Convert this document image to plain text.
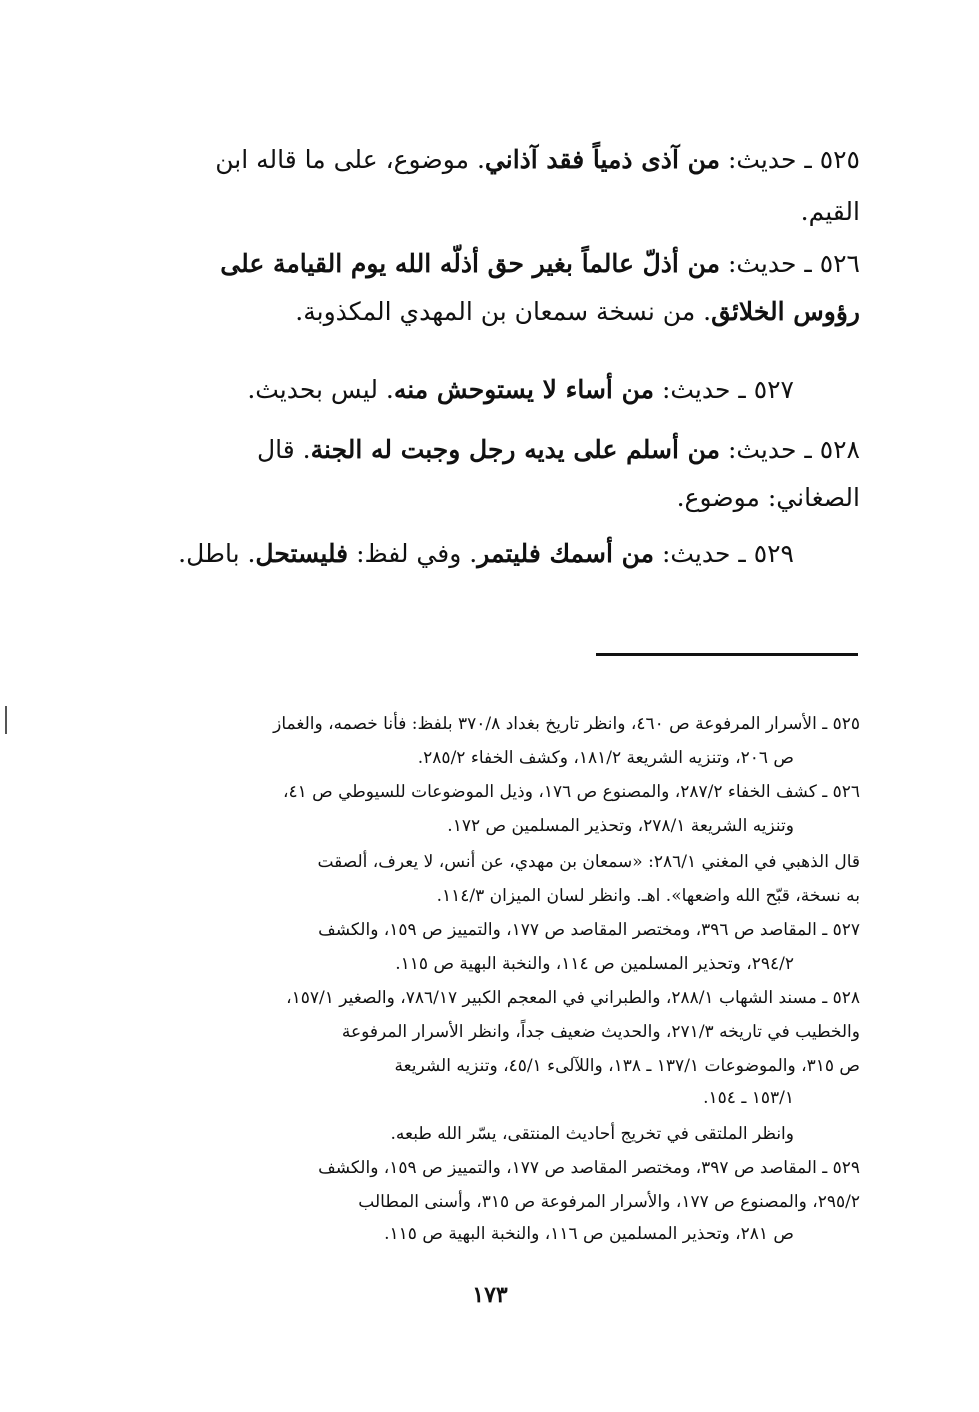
٥٢٥ ـ حديث: من آذى ذمياً فقد آذاني. موضوع، على ما قاله ابن
القيم.
٥٢٦ ـ حديث: من أذلّ عالماً بغير حق أذلّه الله يوم القيامة على
رؤوس الخلائق. من نسخة سمعان بن المهدي المكذوبة.
٥٢٧ ـ حديث: من أساء لا يستوحش منه. ليس بحديث.
٥٢٨ ـ حديث: من أسلم على يديه رجل وجبت له الجنة. قال
الصغاني: موضوع.
٥٢٩ ـ حديث: من أسمك فليتمر. وفي لفظ: فليستحل. باطل.
٥٢٥ ـ الأسرار المرفوعة ص ٤٦٠، وانظر تاريخ بغداد ٣٧٠/٨ بلفظ: فأنا خصمه، والغماز
ص ٢٠٦، وتنزيه الشريعة ١٨١/٢، وكشف الخفاء ٢٨٥/٢.
٥٢٦ ـ كشف الخفاء ٢٨٧/٢، والمصنوع ص ١٧٦، وذيل الموضوعات للسيوطي ص ٤١،
وتنزيه الشريعة ٢٧٨/١، وتحذير المسلمين ص ١٧٢.
قال الذهبي في المغني ٢٨٦/١: «سمعان بن مهدي، عن أنس، لا يعرف، ألصقت
به نسخة، قبّح الله واضعها». اهـ. وانظر لسان الميزان ١١٤/٣.
٥٢٧ ـ المقاصد ص ٣٩٦، ومختصر المقاصد ص ١٧٧، والتمييز ص ١٥٩، والكشف
٢٩٤/٢، وتحذير المسلمين ص ١١٤، والنخبة البهية ص ١١٥.
٥٢٨ ـ مسند الشهاب ٢٨٨/١، والطبراني في المعجم الكبير ٧٨٦/١٧، والصغير ١٥٧/١،
والخطيب في تاريخه ٢٧١/٣، والحديث ضعيف جداً، وانظر الأسرار المرفوعة
ص ٣١٥، والموضوعات ١٣٧/١ ـ ١٣٨، واللآلىء ٤٥/١، وتنزيه الشريعة
١٥٣/١ ـ ١٥٤.
وانظر الملتقى في تخريج أحاديث المنتقى، يسّر الله طبعه.
٥٢٩ ـ المقاصد ص ٣٩٧، ومختصر المقاصد ص ١٧٧، والتمييز ص ١٥٩، والكشف
٢٩٥/٢، والمصنوع ص ١٧٧، والأسرار المرفوعة ص ٣١٥، وأسنى المطالب
ص ٢٨١، وتحذير المسلمين ص ١١٦، والنخبة البهية ص ١١٥.
١٧٣
